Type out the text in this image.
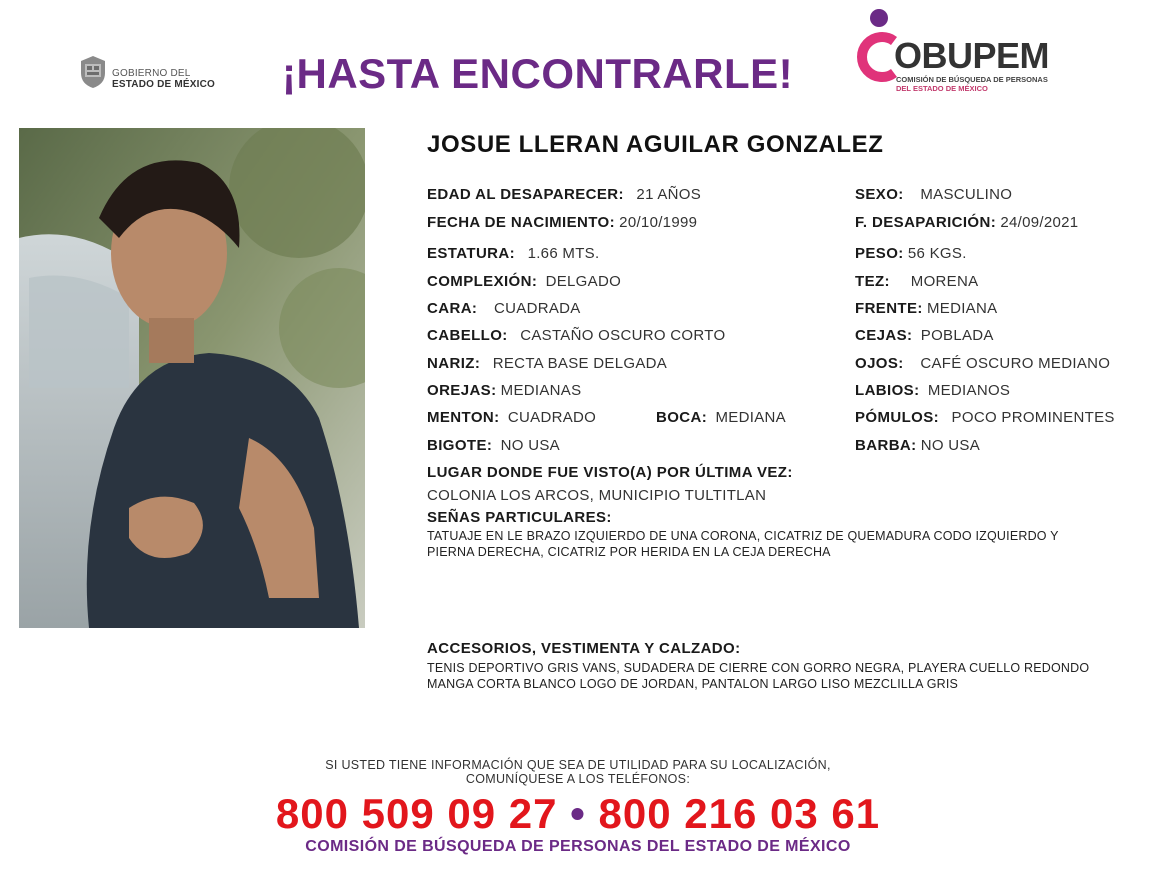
GOBIERNO DEL
ESTADO DE MÉXICO ¡HASTA ENCONTRARLE!	OBUPEM
COMISIÓN DE BÚSQUEDA DE PERSONAS
DEL ESTADO DE MÉXICO
JOSUE LLERAN AGUILAR GONZALEZ
EDAD AL DESAPARECER: 21 AÑOS
FECHA DE NACIMIENTO: 20/10/1999
ESTATURA: 1.66 MTS.
COMPLEXIÓN: DELGADO
CARA: CUADRADA
CABELLO: CASTAÑO OSCURO CORTO
NARIZ: RECTA BASE DELGADA
OREJAS: MEDIANAS
MENTON: CUADRADO	BOCA: MEDIANA
BIGOTE: NO USA
SEXO: MASCULINO
F. DESAPARICIÓN: 24/09/2021
PESO: 56 KGS.
TEZ: MORENA
FRENTE: MEDIANA
CEJAS: POBLADA
OJOS: CAFÉ OSCURO MEDIANO
LABIOS: MEDIANOS
PÓMULOS: POCO PROMINENTES
BARBA: NO USA
LUGAR DONDE FUE VISTO(A) POR ÚLTIMA VEZ:
COLONIA LOS ARCOS, MUNICIPIO TULTITLAN
SEÑAS PARTICULARES:
TATUAJE EN LE BRAZO IZQUIERDO DE UNA CORONA, CICATRIZ DE QUEMADURA CODO IZQUIERDO Y
PIERNA DERECHA, CICATRIZ POR HERIDA EN LA CEJA DERECHA
ACCESORIOS, VESTIMENTA Y CALZADO:
TENIS DEPORTIVO GRIS VANS, SUDADERA DE CIERRE CON GORRO NEGRA, PLAYERA CUELLO REDONDO
MANGA CORTA BLANCO LOGO DE JORDAN, PANTALON LARGO LISO MEZCLILLA GRIS
SI USTED TIENE INFORMACIÓN QUE SEA DE UTILIDAD PARA SU LOCALIZACIÓN,
COMUNÍQUESE A LOS TELÉFONOS:
800 509 09 27 • 800 216 03 61
COMISIÓN DE BÚSQUEDA DE PERSONAS DEL ESTADO DE MÉXICO
